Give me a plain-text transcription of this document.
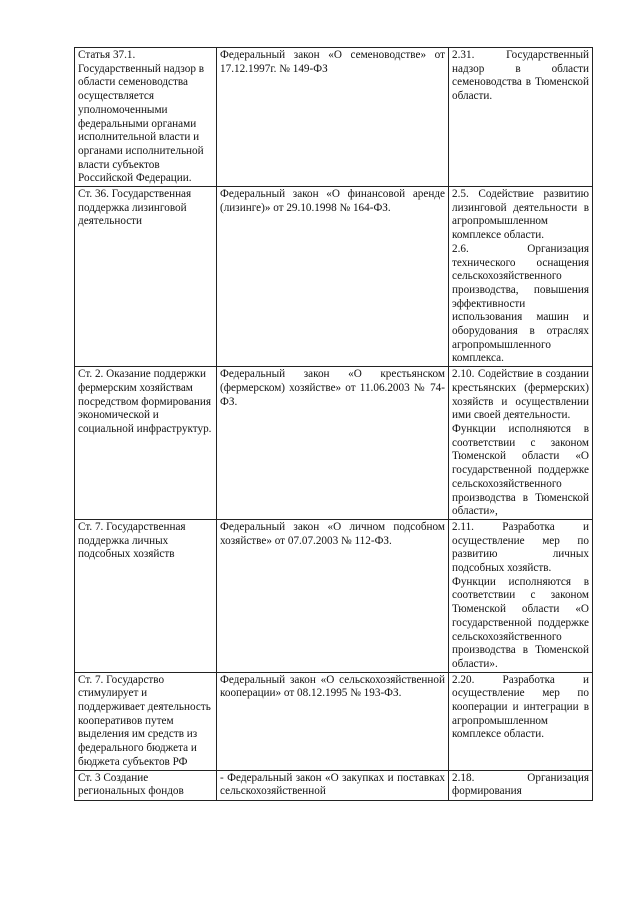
Статья 37.1. Государственный надзор в области семеноводства осуществляется уполномоченными федеральными органами исполнительной власти и органами исполнительной власти субъектов Российской Федерации.	Федеральный закон «О семеноводстве» от 17.12.1997г. № 149-ФЗ	2.31. Государственный надзор в области семеноводства в Тюменской области.

Ст. 36. Государственная поддержка лизинговой деятельности	Федеральный закон «О финансовой аренде (лизинге)» от 29.10.1998 № 164-ФЗ.	2.5. Содействие развитию лизинговой деятельности в агропромышленном комплексе области.
2.6. Организация технического оснащения сельскохозяйственного производства, повышения эффективности использования машин и оборудования в отраслях агропромышленного комплекса.

Ст. 2. Оказание поддержки фермерским хозяйствам посредством формирования экономической и социальной инфраструктур.	Федеральный закон «О крестьянском (фермерском) хозяйстве» от 11.06.2003 № 74-ФЗ.	2.10. Содействие в создании крестьянских (фермерских) хозяйств и осуществлении ими своей деятельности.
Функции исполняются в соответствии с законом Тюменской области «О государственной поддержке сельскохозяйственного производства в Тюменской области»,

Ст. 7. Государственная поддержка личных подсобных хозяйств	Федеральный закон «О личном подсобном хозяйстве» от 07.07.2003 № 112-ФЗ.	2.11. Разработка и осуществление мер по развитию личных подсобных хозяйств.
Функции исполняются в соответствии с законом Тюменской области «О государственной поддержке сельскохозяйственного производства в Тюменской области».

Ст. 7. Государство стимулирует и поддерживает деятельность кооперативов путем выделения им средств из федерального бюджета и бюджета субъектов РФ	Федеральный закон «О сельскохозяйственной кооперации» от 08.12.1995 № 193-ФЗ.	2.20. Разработка и осуществление мер по кооперации и интеграции в агропромышленном комплексе области.

Ст. 3 Создание региональных фондов	- Федеральный закон «О закупках и поставках сельскохозяйственной	2.18. Организация формирования
